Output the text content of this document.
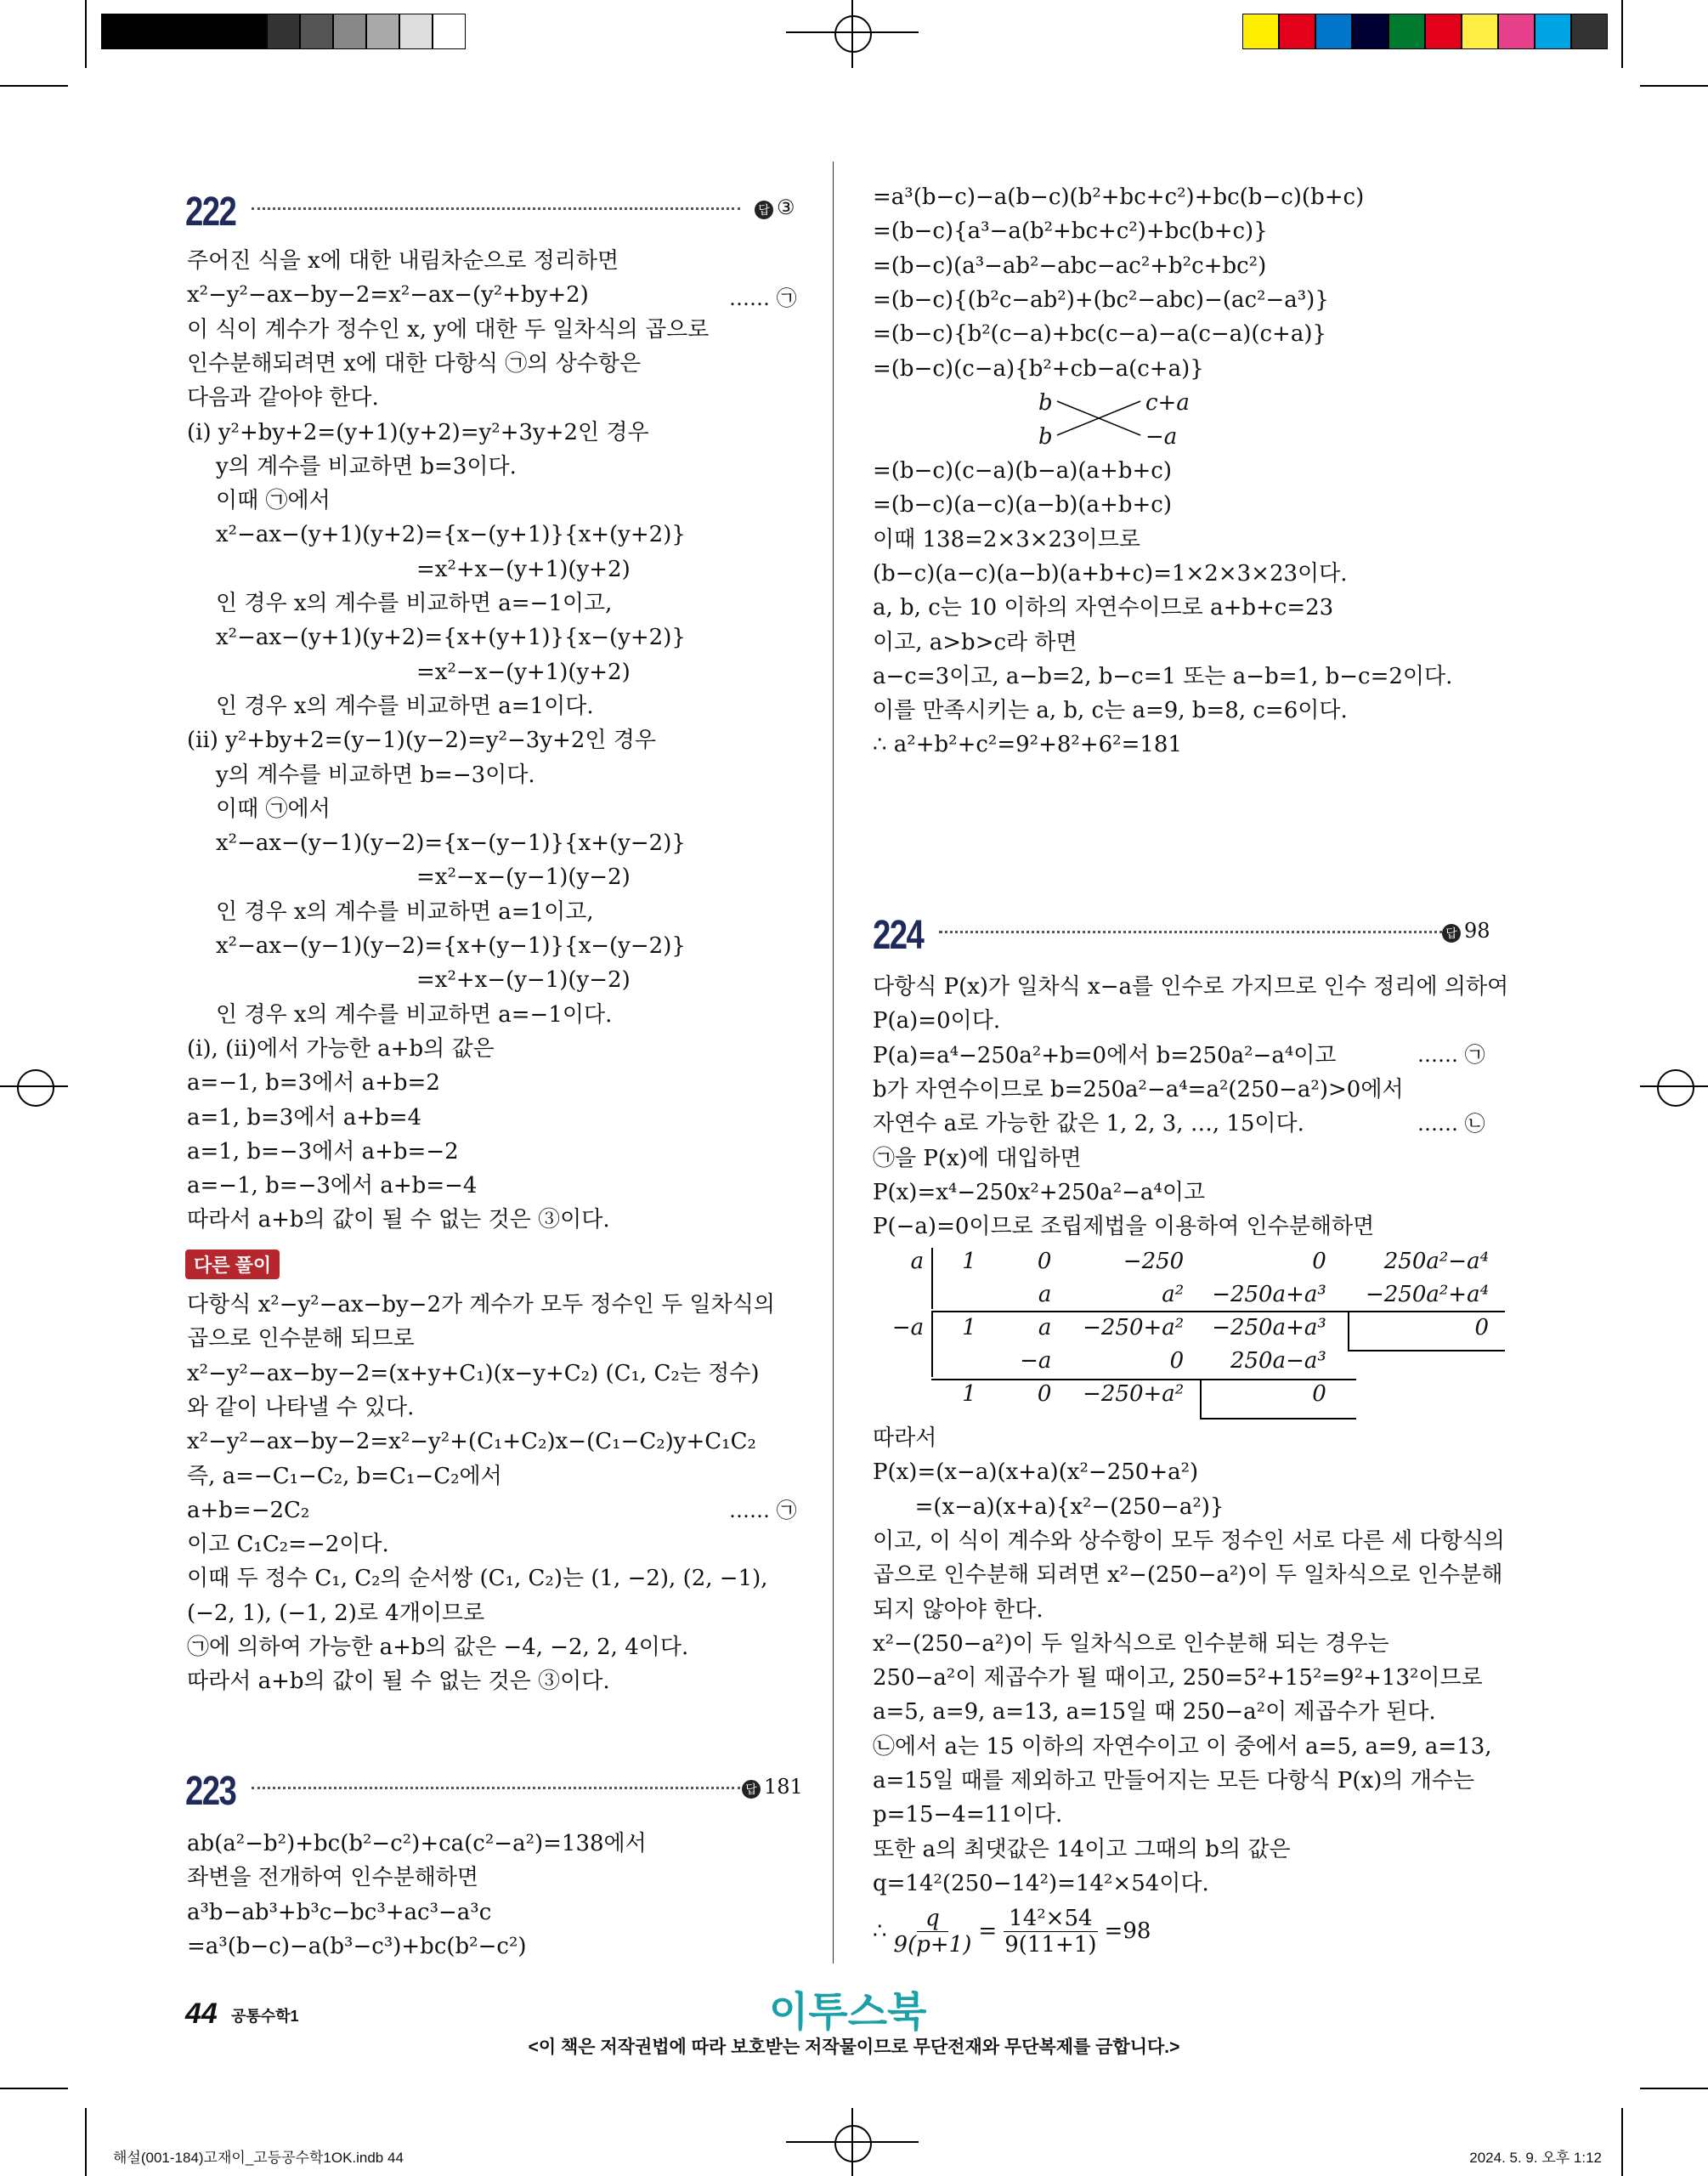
222	답 ③
주어진 식을 x에 대한 내림차순으로 정리하면
x²−y²−ax−by−2=x²−ax−(y²+by+2)
이 식이 계수가 정수인 x, y에 대한 두 일차식의 곱으로
인수분해되려면 x에 대한 다항식 ㉠의 상수항은
다음과 같아야 한다.
(ⅰ) y²+by+2=(y+1)(y+2)=y²+3y+2인 경우
y의 계수를 비교하면 b=3이다.
이때 ㉠에서
x²−ax−(y+1)(y+2)={x−(y+1)}{x+(y+2)}
=x²+x−(y+1)(y+2)
인 경우 x의 계수를 비교하면 a=−1이고,
x²−ax−(y+1)(y+2)={x+(y+1)}{x−(y+2)}
=x²−x−(y+1)(y+2)
인 경우 x의 계수를 비교하면 a=1이다.
(ⅱ) y²+by+2=(y−1)(y−2)=y²−3y+2인 경우
y의 계수를 비교하면 b=−3이다.
이때 ㉠에서
x²−ax−(y−1)(y−2)={x−(y−1)}{x+(y−2)}
=x²−x−(y−1)(y−2)
인 경우 x의 계수를 비교하면 a=1이고,
x²−ax−(y−1)(y−2)={x+(y−1)}{x−(y−2)}
=x²+x−(y−1)(y−2)
인 경우 x의 계수를 비교하면 a=−1이다.
(ⅰ), (ⅱ)에서 가능한 a+b의 값은
a=−1, b=3에서 a+b=2
a=1, b=3에서 a+b=4
a=1, b=−3에서 a+b=−2
a=−1, b=−3에서 a+b=−4
따라서 a+b의 값이 될 수 없는 것은 ③이다.
…… ㉠
다른 풀이
다항식 x²−y²−ax−by−2가 계수가 모두 정수인 두 일차식의
곱으로 인수분해 되므로
x²−y²−ax−by−2=(x+y+C₁)(x−y+C₂) (C₁, C₂는 정수)
와 같이 나타낼 수 있다.
x²−y²−ax−by−2=x²−y²+(C₁+C₂)x−(C₁−C₂)y+C₁C₂
즉, a=−C₁−C₂, b=C₁−C₂에서
a+b=−2C₂
이고 C₁C₂=−2이다.
이때 두 정수 C₁, C₂의 순서쌍 (C₁, C₂)는 (1, −2), (2, −1),
(−2, 1), (−1, 2)로 4개이므로
㉠에 의하여 가능한 a+b의 값은 −4, −2, 2, 4이다.
따라서 a+b의 값이 될 수 없는 것은 ③이다.
…… ㉠
223	답 181
ab(a²−b²)+bc(b²−c²)+ca(c²−a²)=138에서
좌변을 전개하여 인수분해하면
a³b−ab³+b³c−bc³+ac³−a³c
=a³(b−c)−a(b³−c³)+bc(b²−c²)
=a³(b−c)−a(b−c)(b²+bc+c²)+bc(b−c)(b+c)
=(b−c){a³−a(b²+bc+c²)+bc(b+c)}
=(b−c)(a³−ab²−abc−ac²+b²c+bc²)
=(b−c){(b²c−ab²)+(bc²−abc)−(ac²−a³)}
=(b−c){b²(c−a)+bc(c−a)−a(c−a)(c+a)}
=(b−c)(c−a){b²+cb−a(c+a)}
b	c+a
b	−a
=(b−c)(c−a)(b−a)(a+b+c)
=(b−c)(a−c)(a−b)(a+b+c)
이때 138=2×3×23이므로
(b−c)(a−c)(a−b)(a+b+c)=1×2×3×23이다.
a, b, c는 10 이하의 자연수이므로 a+b+c=23
이고, a>b>c라 하면
a−c=3이고, a−b=2, b−c=1 또는 a−b=1, b−c=2이다.
이를 만족시키는 a, b, c는 a=9, b=8, c=6이다.
∴ a²+b²+c²=9²+8²+6²=181
224	답 98
다항식 P(x)가 일차식 x−a를 인수로 가지므로 인수 정리에 의하여
P(a)=0이다.
P(a)=a⁴−250a²+b=0에서 b=250a²−a⁴이고
b가 자연수이므로 b=250a²−a⁴=a²(250−a²)>0에서
자연수 a로 가능한 값은 1, 2, 3, …, 15이다.
㉠을 P(x)에 대입하면
P(x)=x⁴−250x²+250a²−a⁴이고
P(−a)=0이므로 조립제법을 이용하여 인수분해하면
…… ㉠
…… ㉡
a	1	0	−250	0	250a²−a⁴
		a	a²	−250a+a³	−250a²+a⁴
−a	1	a	−250+a²	−250a+a³	0
		−a	0	250a−a³	
	1	0	−250+a²	0	
따라서
P(x)=(x−a)(x+a)(x²−250+a²)
=(x−a)(x+a){x²−(250−a²)}
이고, 이 식이 계수와 상수항이 모두 정수인 서로 다른 세 다항식의
곱으로 인수분해 되려면 x²−(250−a²)이 두 일차식으로 인수분해
되지 않아야 한다.
x²−(250−a²)이 두 일차식으로 인수분해 되는 경우는
250−a²이 제곱수가 될 때이고, 250=5²+15²=9²+13²이므로
a=5, a=9, a=13, a=15일 때 250−a²이 제곱수가 된다.
㉡에서 a는 15 이하의 자연수이고 이 중에서 a=5, a=9, a=13,
a=15일 때를 제외하고 만들어지는 모든 다항식 P(x)의 개수는
p=15−4=11이다.
또한 a의 최댓값은 14이고 그때의 b의 값은
q=14²(250−14²)=14²×54이다.
∴ $\frac{q}{9(p+1)} = \frac{\text{14²×54}}{9(11+1)} =98$
44 공통수학1	이투스북
<이 책은 저작권법에 따라 보호받는 저작물이므로 무단전재와 무단복제를 금합니다.>
해설(001-184)고재이_고등공수학1OK.indb 44	2024. 5. 9. 오후 1:12
